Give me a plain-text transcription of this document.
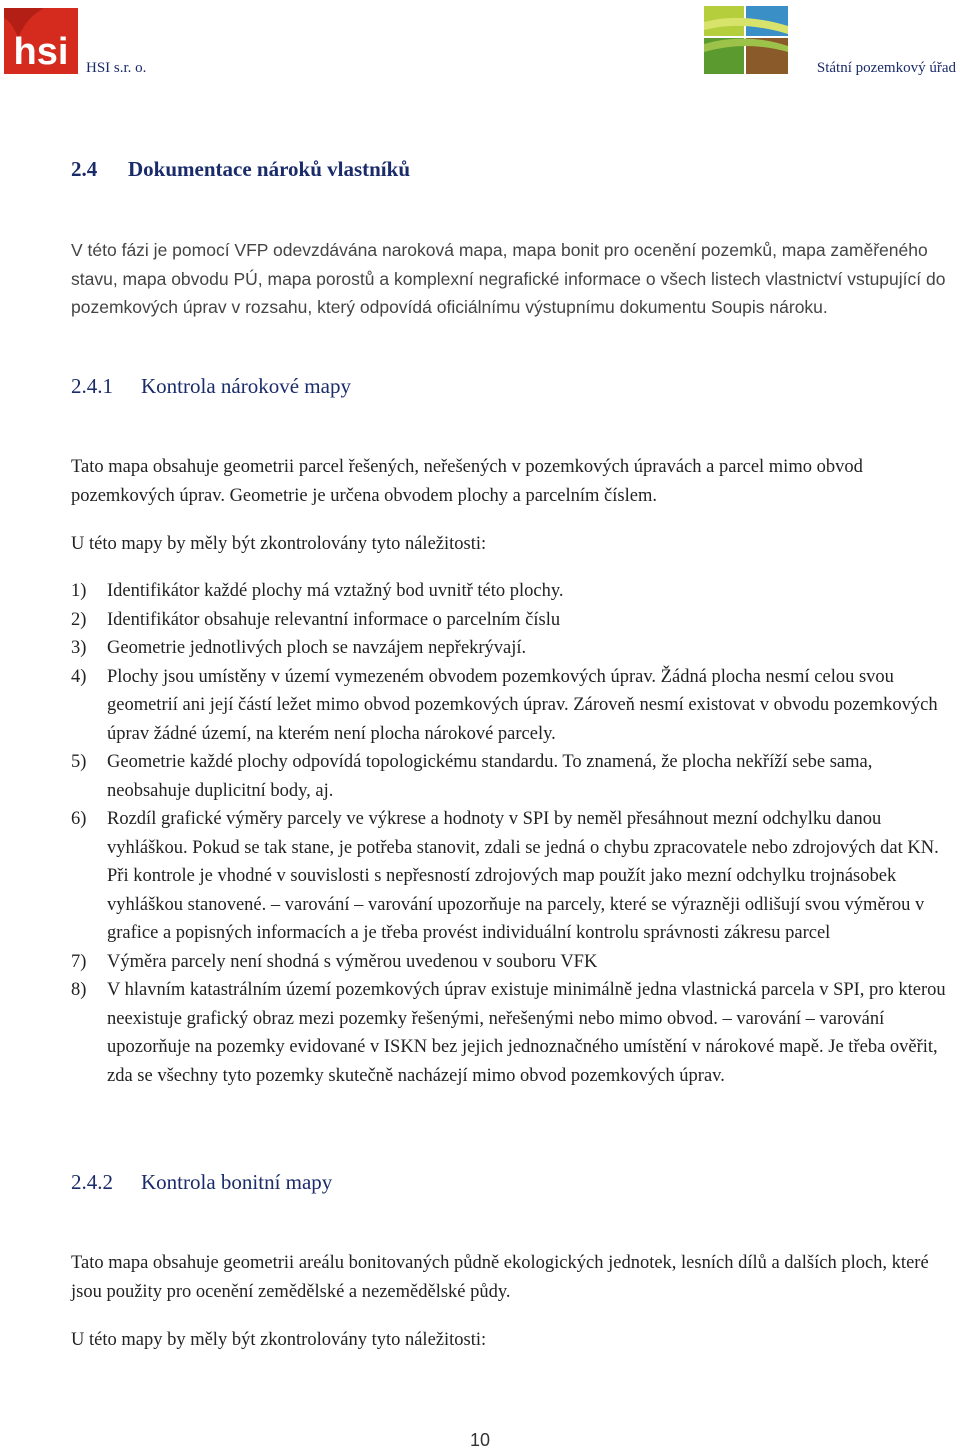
hsi HSI s.r. o.	Státní pozemkový úřad
2.4 Dokumentace nároků vlastníků
V této fázi je pomocí VFP odevzdávána naroková mapa, mapa bonit pro ocenění pozemků, mapa zaměřeného stavu, mapa obvodu PÚ, mapa porostů a komplexní negrafické informace o všech listech vlastnictví vstupující do pozemkových úprav v rozsahu, který odpovídá oficiálnímu výstupnímu dokumentu Soupis nároku.
2.4.1 Kontrola nárokové mapy
Tato mapa obsahuje geometrii parcel řešených, neřešených v pozemkových úpravách a parcel mimo obvod pozemkových úprav. Geometrie je určena obvodem plochy a parcelním číslem.
U této mapy by měly být zkontrolovány tyto náležitosti:
1) Identifikátor každé plochy má vztažný bod uvnitř této plochy.
2) Identifikátor obsahuje relevantní informace o parcelním číslu
3) Geometrie jednotlivých ploch se navzájem nepřekrývají.
4) Plochy jsou umístěny v území vymezeném obvodem pozemkových úprav. Žádná plocha nesmí celou svou geometrií ani její částí ležet mimo obvod pozemkových úprav. Zároveň nesmí existovat v obvodu pozemkových úprav žádné území, na kterém není plocha nárokové parcely.
5) Geometrie každé plochy odpovídá topologickému standardu. To znamená, že plocha nekříží sebe sama, neobsahuje duplicitní body, aj.
6) Rozdíl grafické výměry parcely ve výkrese a hodnoty v SPI by neměl přesáhnout mezní odchylku danou vyhláškou. Pokud se tak stane, je potřeba stanovit, zdali se jedná o chybu zpracovatele nebo zdrojových dat KN. Při kontrole je vhodné v souvislosti s nepřesností zdrojových map použít jako mezní odchylku trojnásobek vyhláškou stanovené. – varování – varování upozorňuje na parcely, které se výrazněji odlišují svou výměrou v grafice a popisných informacích a je třeba provést individuální kontrolu správnosti zákresu parcel
7) Výměra parcely není shodná s výměrou uvedenou v souboru VFK
8) V hlavním katastrálním území pozemkových úprav existuje minimálně jedna vlastnická parcela v SPI, pro kterou neexistuje grafický obraz mezi pozemky řešenými, neřešenými nebo mimo obvod. – varování – varování upozorňuje na pozemky evidované v ISKN bez jejich jednoznačného umístění v nárokové mapě. Je třeba ověřit, zda se všechny tyto pozemky skutečně nacházejí mimo obvod pozemkových úprav.
2.4.2 Kontrola bonitní mapy
Tato mapa obsahuje geometrii areálu bonitovaných půdně ekologických jednotek, lesních dílů a dalších ploch, které jsou použity pro ocenění zemědělské a nezemědělské půdy.
U této mapy by měly být zkontrolovány tyto náležitosti:
10
